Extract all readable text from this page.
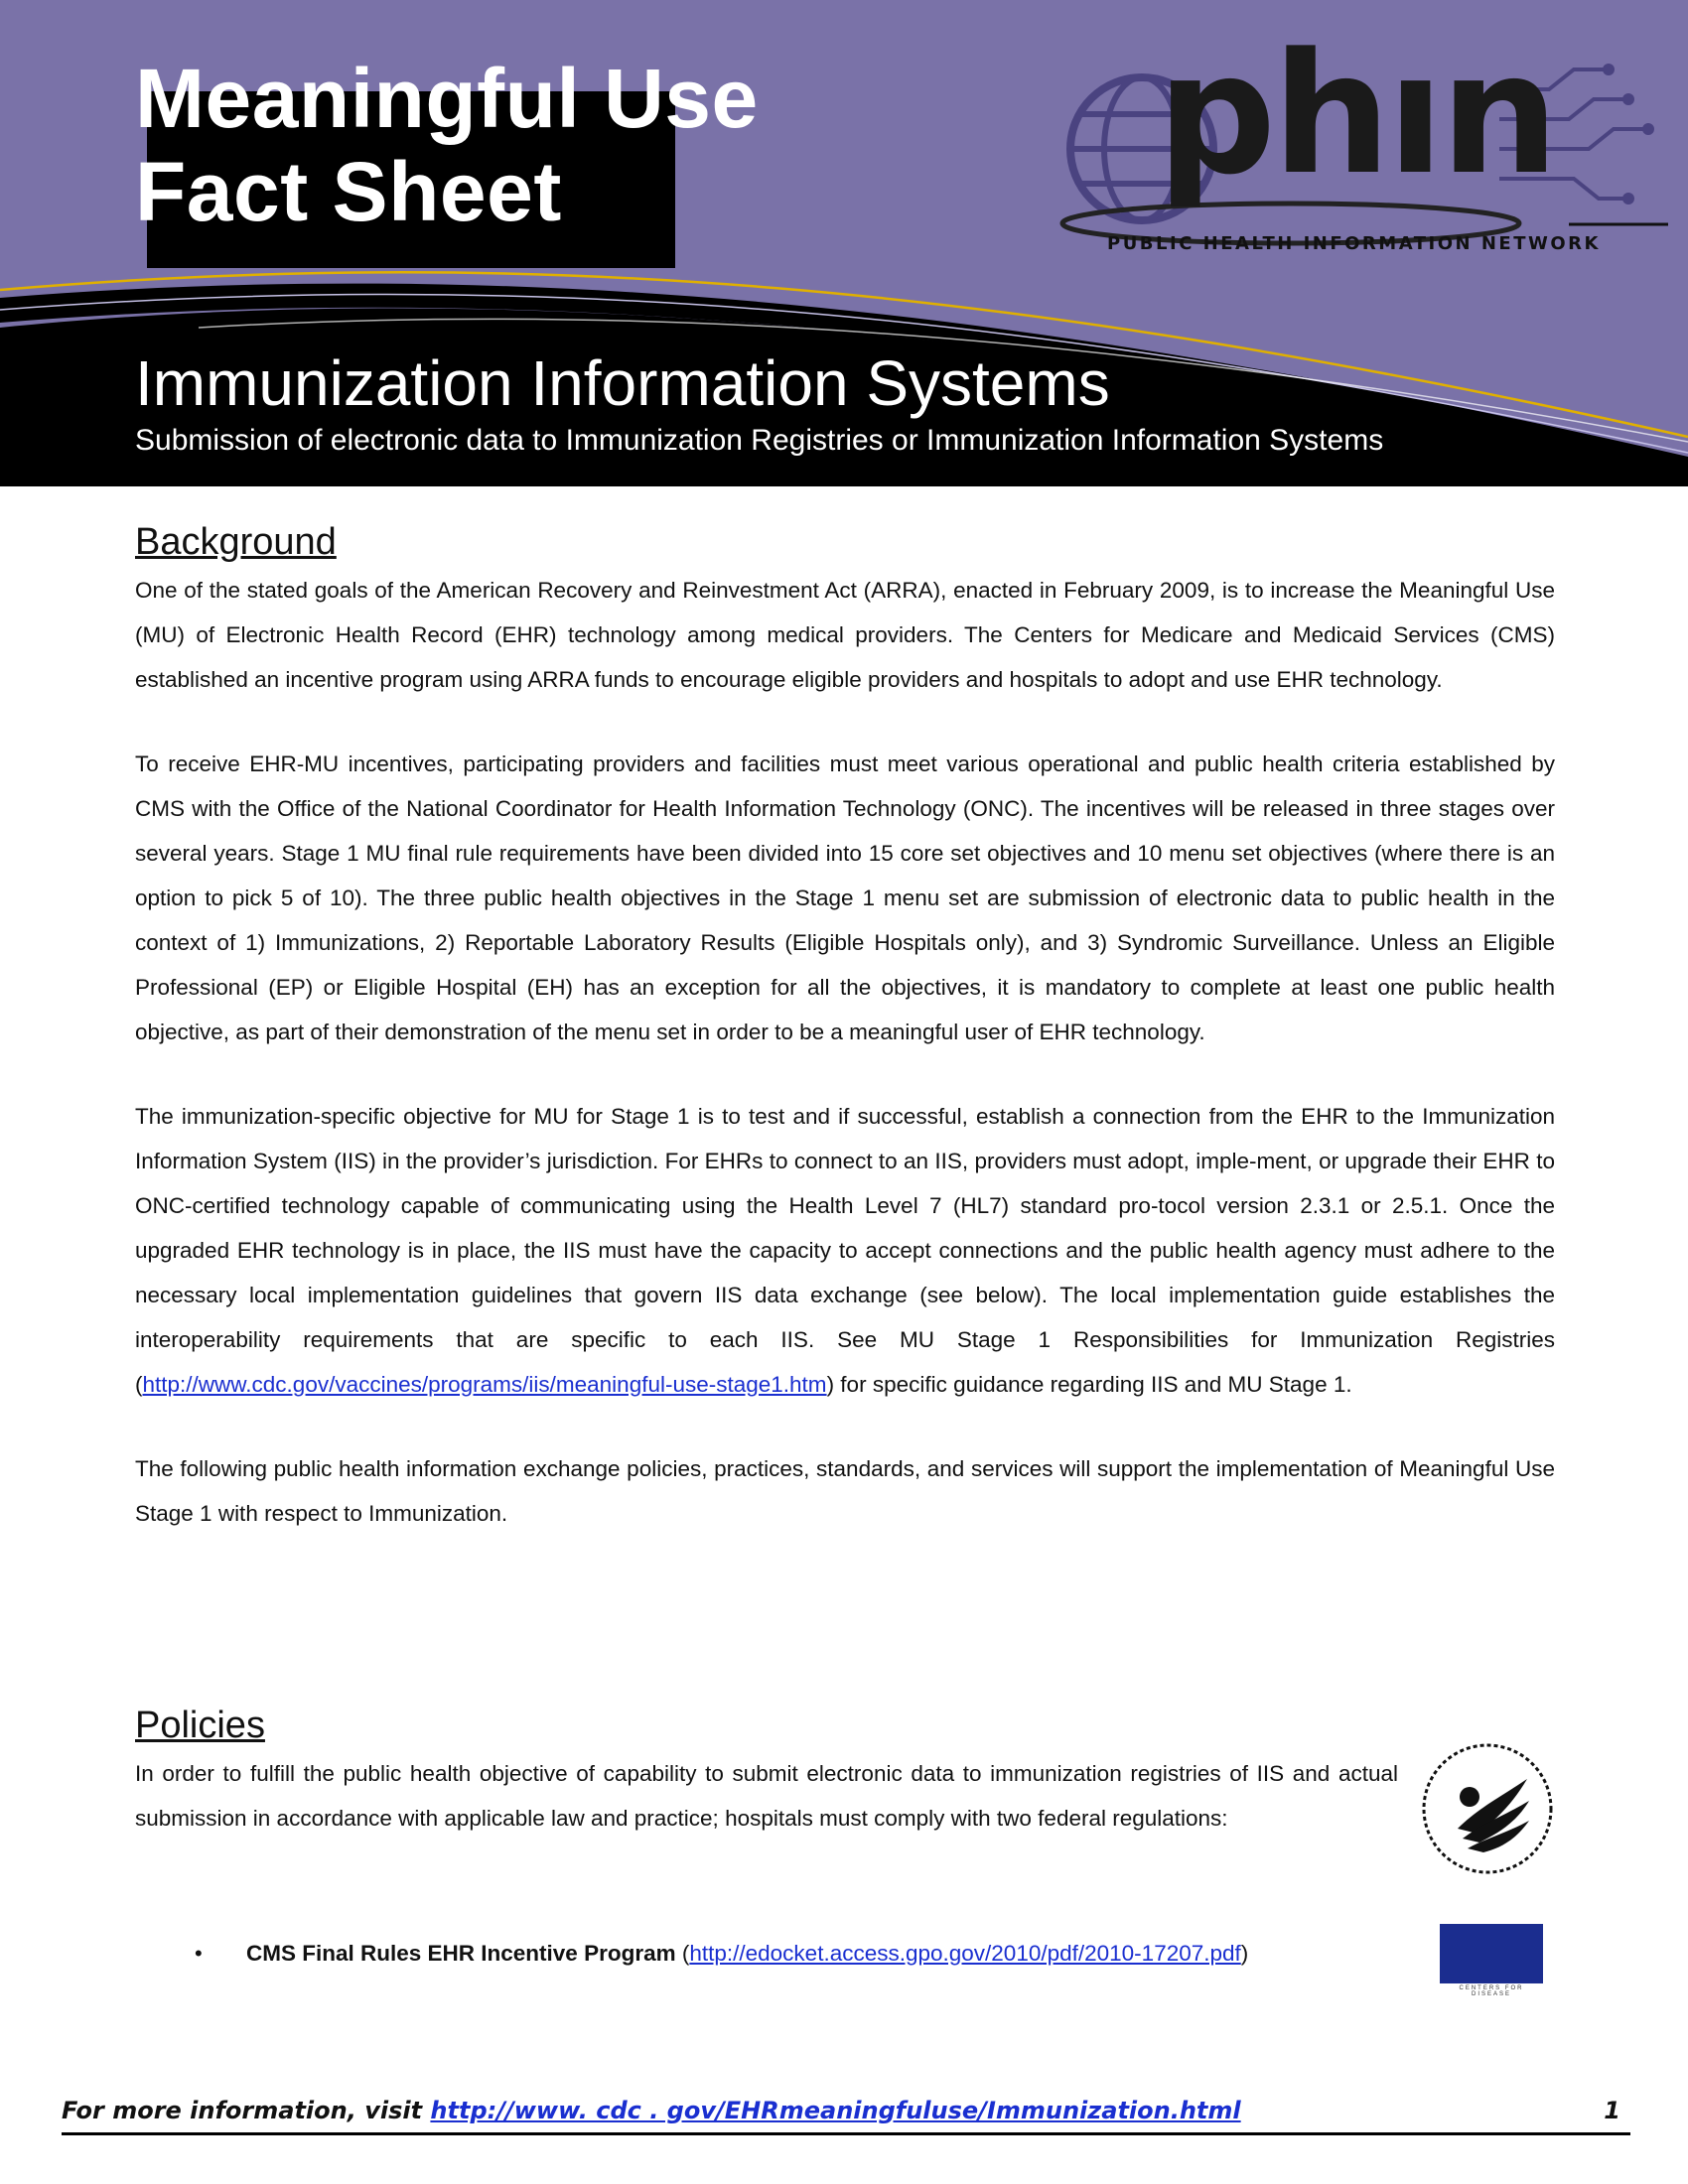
Meaningful Use
Fact Sheet	phın
PUBLIC HEALTH INFORMATION NETWORK
Immunization Information Systems

Submission of electronic data to Immunization Registries or Immunization Information Systems

Background

One of the stated goals of the American Recovery and Reinvestment Act (ARRA), enacted in February 2009, is to increase the Meaningful Use (MU) of Electronic Health Record (EHR) technology among medical providers. The Centers for Medicare and Medicaid Services (CMS) established an incentive program using ARRA funds to encourage eligible providers and hospitals to adopt and use EHR technology.

To receive EHR-MU incentives, participating providers and facilities must meet various operational and public health criteria established by CMS with the Office of the National Coordinator for Health Information Technology (ONC). The incentives will be released in three stages over several years. Stage 1 MU final rule requirements have been divided into 15 core set objectives and 10 menu set objectives (where there is an option to pick 5 of 10). The three public health objectives in the Stage 1 menu set are submission of electronic data to public health in the context of 1) Immunizations, 2) Reportable Laboratory Results (Eligible Hospitals only), and 3) Syndromic Surveillance. Unless an Eligible Professional (EP) or Eligible Hospital (EH) has an exception for all the objectives, it is mandatory to complete at least one public health objective, as part of their demonstration of the menu set in order to be a meaningful user of EHR technology.

The immunization-specific objective for MU for Stage 1 is to test and if successful, establish a connection from the EHR to the Immunization Information System (IIS) in the provider’s jurisdiction. For EHRs to connect to an IIS, providers must adopt, imple-ment, or upgrade their EHR to ONC-certified technology capable of communicating using the Health Level 7 (HL7) standard pro-tocol version 2.3.1 or 2.5.1. Once the upgraded EHR technology is in place, the IIS must have the capacity to accept connections and the public health agency must adhere to the necessary local implementation guidelines that govern IIS data exchange (see below). The local implementation guide establishes the interoperability requirements that are specific to each IIS. See MU Stage 1 Responsibilities for Immunization Registries (http://www.cdc.gov/vaccines/programs/iis/meaningful-use-stage1.htm) for specific guidance regarding IIS and MU Stage 1.

The following public health information exchange policies, practices, standards, and services will support the implementation of Meaningful Use Stage 1 with respect to Immunization.

Policies

In order to fulfill the public health objective of capability to submit electronic data to immunization registries of IIS and actual submission in accordance with applicable law and practice; hospitals must comply with two federal regulations:

• CMS Final Rules EHR Incentive Program (http://edocket.access.gpo.gov/2010/pdf/2010-17207.pdf)
CENTERS FOR DISEASE
For more information, visit http://www. cdc . gov/EHRmeaningfuluse/Immunization.html	1
